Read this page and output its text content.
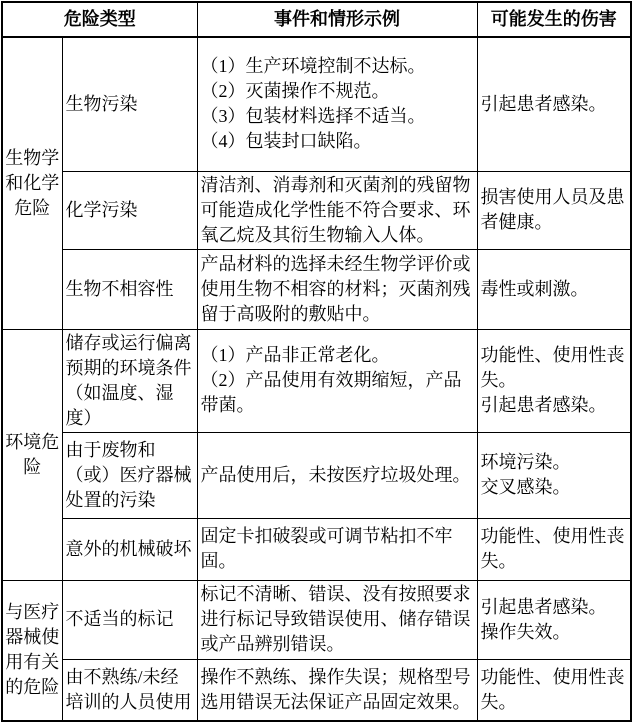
危险类型		事件和情形示例	可能发生的伤害
生物学和化学危险	生物污染	（1）生产环境控制不达标。
（2）灭菌操作不规范。
（3）包装材料选择不适当。
（4）包装封口缺陷。	引起患者感染。

	化学污染	清洁剂、消毒剂和灭菌剂的残留物可能造成化学性能不符合要求、环氧乙烷及其衍生物输入人体。	损害使用人员及患者健康。

	生物不相容性	产品材料的选择未经生物学评价或使用生物不相容的材料；灭菌剂残留于高吸附的敷贴中。	毒性或刺激。

环境危险	储存或运行偏离预期的环境条件（如温度、湿度）	（1）产品非正常老化。
（2）产品使用有效期缩短，产品带菌。	功能性、使用性丧失。
引起患者感染。

	由于废物和（或）医疗器械处置的污染	产品使用后，未按医疗垃圾处理。	环境污染。
交叉感染。

	意外的机械破坏	固定卡扣破裂或可调节粘扣不牢固。	功能性、使用性丧失。

与医疗器械使用有关的危险	不适当的标记	标记不清晰、错误、没有按照要求进行标记导致错误使用、储存错误或产品辨别错误。	引起患者感染。
操作失效。

	由不熟练/未经培训的人员使用	操作不熟练、操作失误；规格型号选用错误无法保证产品固定效果。	功能性、使用性丧失。
